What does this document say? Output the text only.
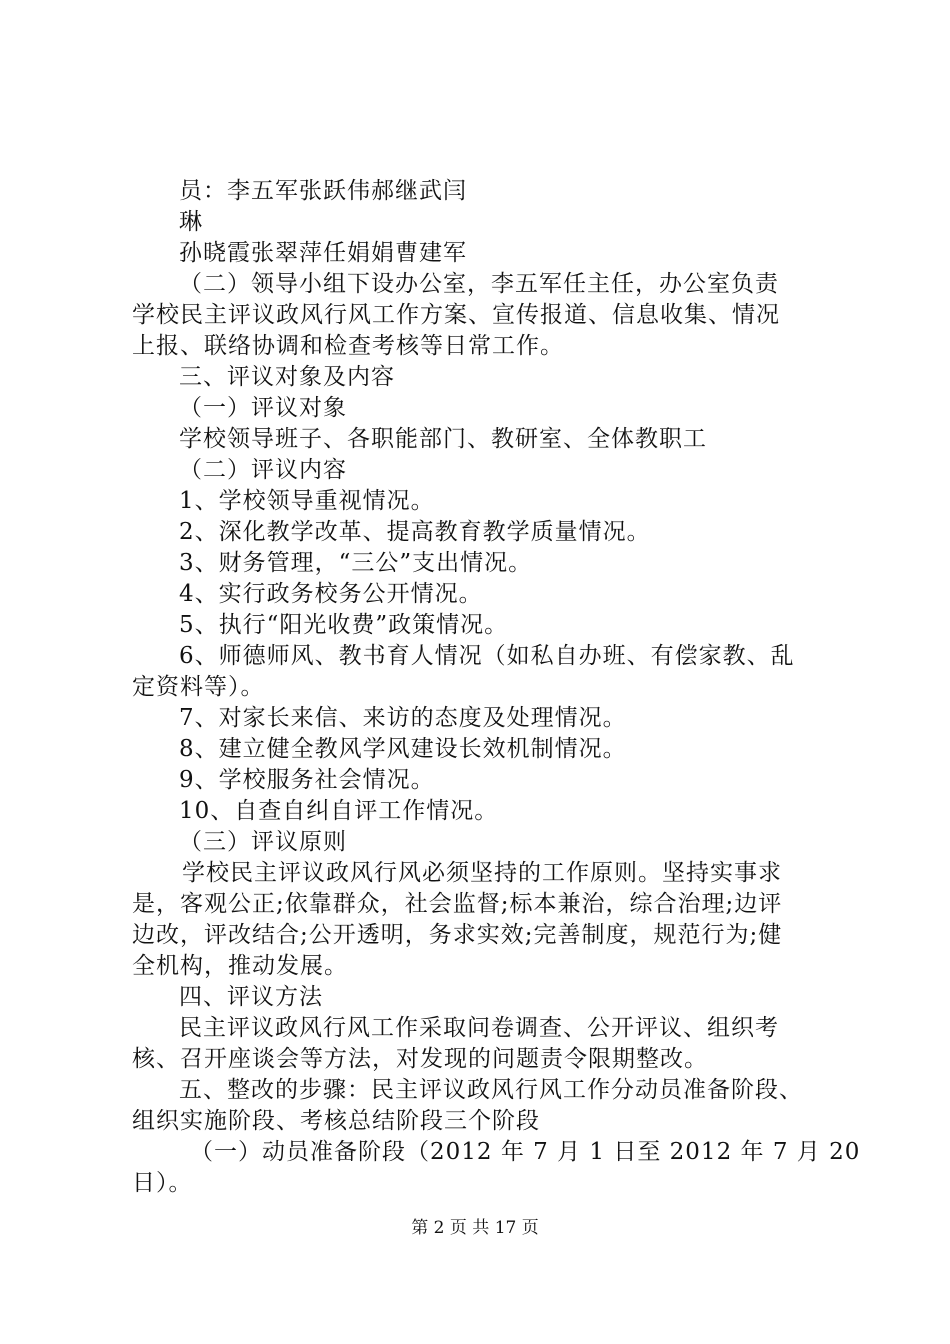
员：李五军张跃伟郝继武闫
琳
孙晓霞张翠萍任娟娟曹建军
（二）领导小组下设办公室，李五军任主任，办公室负责
学校民主评议政风行风工作方案、宣传报道、信息收集、情况
上报、联络协调和检查考核等日常工作。
三、评议对象及内容
（一）评议对象
学校领导班子、各职能部门、教研室、全体教职工
（二）评议内容
1、学校领导重视情况。
2、深化教学改革、提高教育教学质量情况。
3、财务管理，“三公”支出情况。
4、实行政务校务公开情况。
5、执行“阳光收费”政策情况。
6、师德师风、教书育人情况（如私自办班、有偿家教、乱
定资料等）。
7、对家长来信、来访的态度及处理情况。
8、建立健全教风学风建设长效机制情况。
9、学校服务社会情况。
10、自查自纠自评工作情况。
（三）评议原则
学校民主评议政风行风必须坚持的工作原则。坚持实事求
是，客观公正;依靠群众，社会监督;标本兼治，综合治理;边评
边改，评改结合;公开透明，务求实效;完善制度，规范行为;健
全机构，推动发展。
四、评议方法
民主评议政风行风工作采取问卷调查、公开评议、组织考
核、召开座谈会等方法，对发现的问题责令限期整改。
五、整改的步骤：民主评议政风行风工作分动员准备阶段、
组织实施阶段、考核总结阶段三个阶段
（一）动员准备阶段（2012 年 7 月 1 日至 2012 年 7 月 20
日）。
第 2 页 共 17 页
